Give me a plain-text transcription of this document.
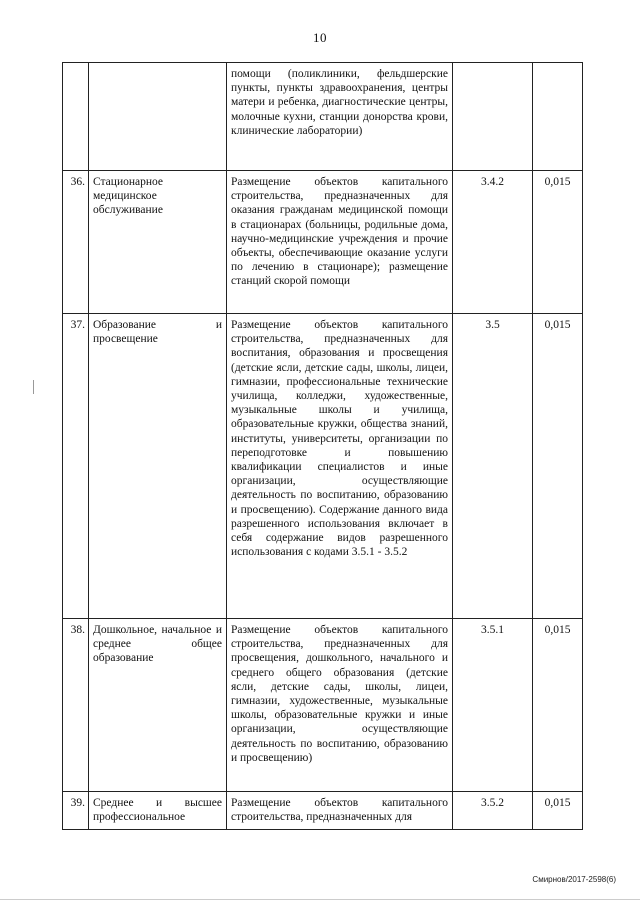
10
		помощи (поликлиники, фельдшерские пункты, пункты здравоохранения, центры матери и ребенка, диагностические центры, молочные кухни, станции донорства крови, клинические лаборатории)		
36.	Стационарное медицинское обслуживание	Размещение объектов капитального строительства, предназначенных для оказания гражданам медицинской помощи в стационарах (больницы, родильные дома, научно-медицинские учреждения и прочие объекты, обеспечивающие оказание услуги по лечению в стационаре); размещение станций скорой помощи	3.4.2	0,015
37.	Образование и просвещение	Размещение объектов капитального строительства, предназначенных для воспитания, образования и просвещения (детские ясли, детские сады, школы, лицеи, гимназии, профессиональные технические училища, колледжи, художественные, музыкальные школы и училища, образовательные кружки, общества знаний, институты, университеты, организации по переподготовке и повышению квалификации специалистов и иные организации, осуществляющие деятельность по воспитанию, образованию и просвещению). Содержание данного вида разрешенного использования включает в себя содержание видов разрешенного использования с кодами 3.5.1 - 3.5.2	3.5	0,015
38.	Дошкольное, начальное и среднее общее образование	Размещение объектов капитального строительства, предназначенных для просвещения, дошкольного, начального и среднего общего образования (детские ясли, детские сады, школы, лицеи, гимназии, художественные, музыкальные школы, образовательные кружки и иные организации, осуществляющие деятельность по воспитанию, образованию и просвещению)	3.5.1	0,015
39.	Среднее и высшее профессиональное	Размещение объектов капитального строительства, предназначенных для	3.5.2	0,015
Смирнов/2017-2598(6)
